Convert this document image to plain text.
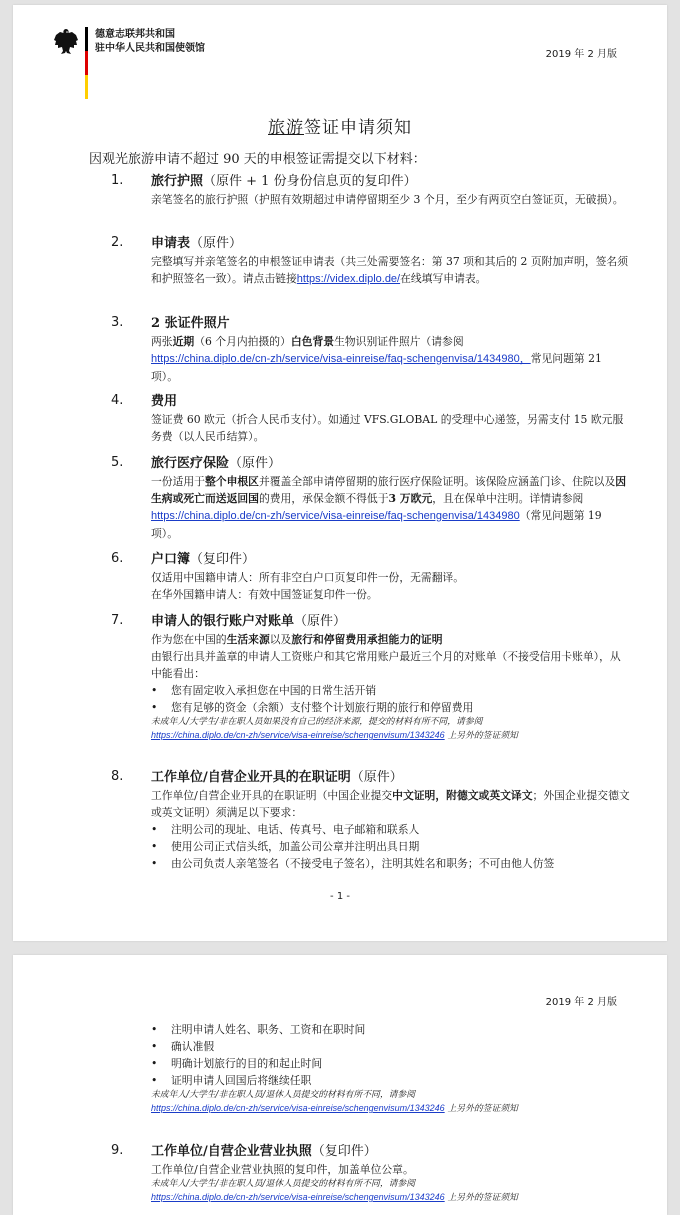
德意志联邦共和国
驻中华人民共和国使领馆
2019 年 2 月版
旅游签证申请须知
因观光旅游申请不超过 90 天的申根签证需提交以下材料：
1. 旅行护照（原件 + 1 份身份信息页的复印件）
亲笔签名的旅行护照（护照有效期超过申请停留期至少 3 个月，至少有两页空白签证页，无破损）。
2. 申请表（原件）
完整填写并亲笔签名的申根签证申请表（共三处需要签名：第 37 项和其后的 2 页附加声明，签名须和护照签名一致）。请点击链接https://videx.diplo.de/在线填写申请表。
3. 2 张证件照片
两张近期（6 个月内拍摄的）白色背景生物识别证件照片（请参阅
https://china.diplo.de/cn-zh/service/visa-einreise/faq-schengenvisa/1434980，常见问题第 21 项）。
4. 费用
签证费 60 欧元（折合人民币支付）。如通过 VFS.GLOBAL 的受理中心递签，另需支付 15 欧元服务费（以人民币结算）。
5. 旅行医疗保险（原件）
一份适用于整个申根区并覆盖全部申请停留期的旅行医疗保险证明。该保险应涵盖门诊、住院以及因生病或死亡而送返回国的费用，承保金额不得低于3 万欧元，且在保单中注明。详情请参阅 https://china.diplo.de/cn-zh/service/visa-einreise/faq-schengenvisa/1434980（常见问题第 19 项）。
6. 户口簿（复印件）
仅适用中国籍申请人：所有非空白户口页复印件一份，无需翻译。
在华外国籍申请人：有效中国签证复印件一份。
7. 申请人的银行账户对账单（原件）
作为您在中国的生活来源以及旅行和停留费用承担能力的证明
由银行出具并盖章的申请人工资账户和其它常用账户最近三个月的对账单（不接受信用卡账单），从中能看出：
• 您有固定收入承担您在中国的日常生活开销
• 您有足够的资金（余额）支付整个计划旅行期的旅行和停留费用
未成年人/大学生/非在职人员如果没有自己的经济来源，提交的材料有所不同，请参阅
https://china.diplo.de/cn-zh/service/visa-einreise/schengenvisum/1343246 上另外的签证须知
8. 工作单位/自营企业开具的在职证明（原件）
工作单位/自营企业开具的在职证明（中国企业提交中文证明，附德文或英文译文；外国企业提交德文或英文证明）须满足以下要求：
• 注明公司的现址、电话、传真号、电子邮箱和联系人
• 使用公司正式信头纸，加盖公司公章并注明出具日期
• 由公司负责人亲笔签名（不接受电子签名），注明其姓名和职务；不可由他人仿签
- 1 -
2019 年 2 月版
• 注明申请人姓名、职务、工资和在职时间
• 确认准假
• 明确计划旅行的目的和起止时间
• 证明申请人回国后将继续任职
未成年人/大学生/非在职人员/退休人员提交的材料有所不同，请参阅
https://china.diplo.de/cn-zh/service/visa-einreise/schengenvisum/1343246 上另外的签证须知
9. 工作单位/自营企业营业执照（复印件）
工作单位/自营企业营业执照的复印件，加盖单位公章。
未成年人/大学生/非在职人员/退休人员提交的材料有所不同，请参阅
https://china.diplo.de/cn-zh/service/visa-einreise/schengenvisum/1343246 上另外的签证须知
